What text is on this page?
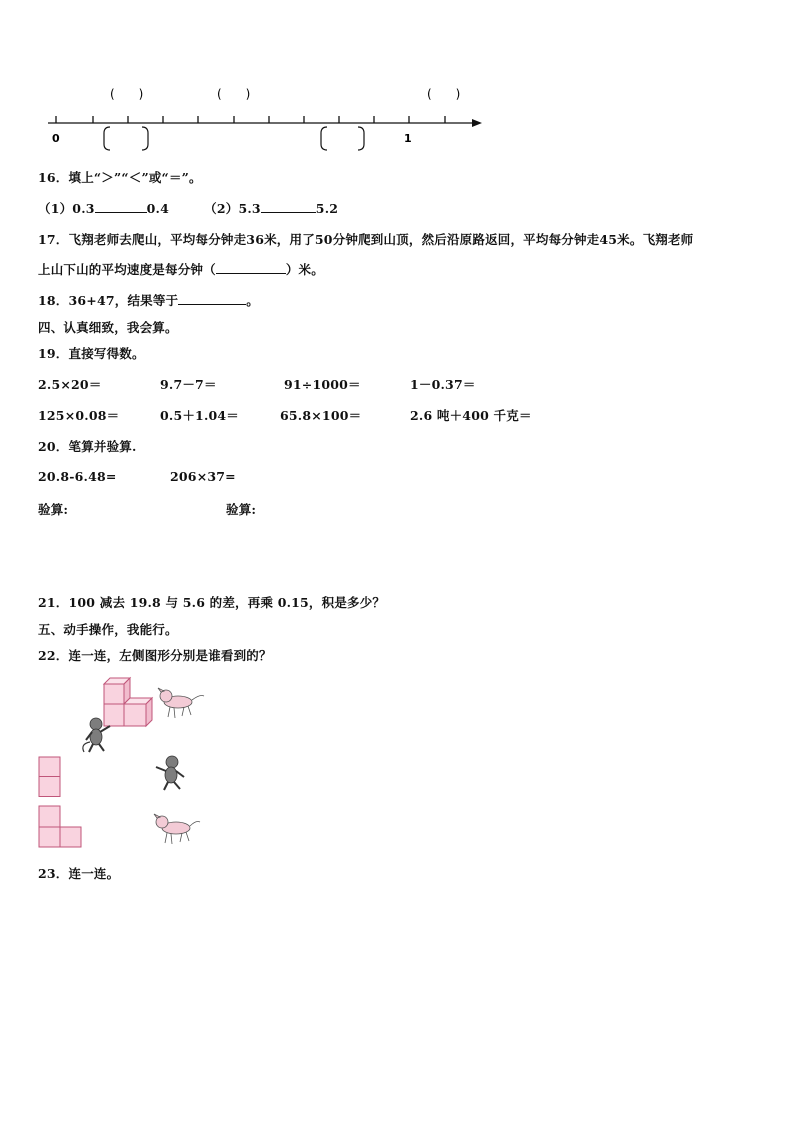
(　　)	(　　)	(　　)
0	1
16．填上“＞”“＜”或“＝”。
（1）0.3	0.4	（2）5.3	5.2
17．飞翔老师去爬山，平均每分钟走36米，用了50分钟爬到山顶，然后沿原路返回，平均每分钟走45米。飞翔老师
上山下山的平均速度是每分钟（	）米。
18．36+47，结果等于	。
四、认真细致，我会算。
19．直接写得数。
2.5×20＝	9.7－7＝	91÷1000＝	1－0.37＝
125×0.08＝	0.5＋1.04＝	65.8×100＝	2.6 吨＋400 千克＝
20．笔算并验算.
20.8-6.48=	206×37=
验算:	验算:
21．100 减去 19.8 与 5.6 的差，再乘 0.15，积是多少？
五、动手操作，我能行。
22．连一连，左侧图形分别是谁看到的？
23．连一连。
